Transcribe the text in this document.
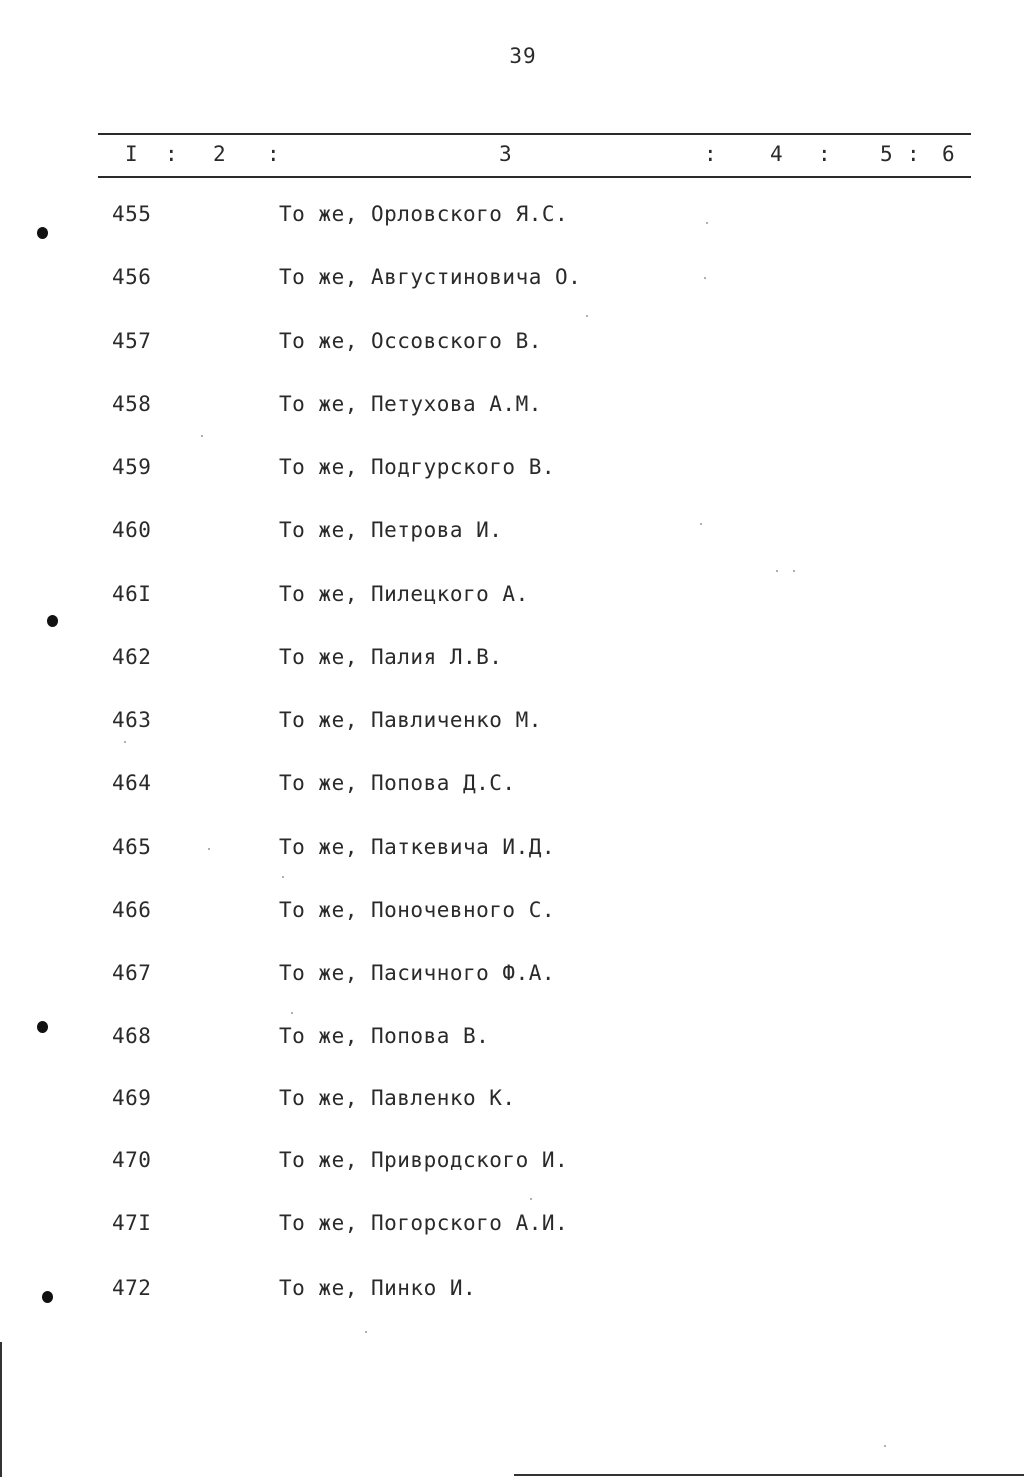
39
I : 2 :	3	:	4 : 5 : 6
455	То же, Орловского Я.С.
456	То же, Августиновича О.
457	То же, Оссовского В.
458	То же, Петухова А.М.
459	То же, Подгурского В.
460	То же, Петрова И.
46I	То же, Пилецкого А.
462	То же, Палия Л.В.
463	То же, Павличенко М.
464	То же, Попова Д.С.
465	То же, Паткевича И.Д.
466	То же, Поночевного С.
467	То же, Пасичного Ф.А.
468	То же, Попова В.
469	То же, Павленко К.
470	То же, Привродского И.
47I	То же, Погорского А.И.
472	То же, Пинко И.
